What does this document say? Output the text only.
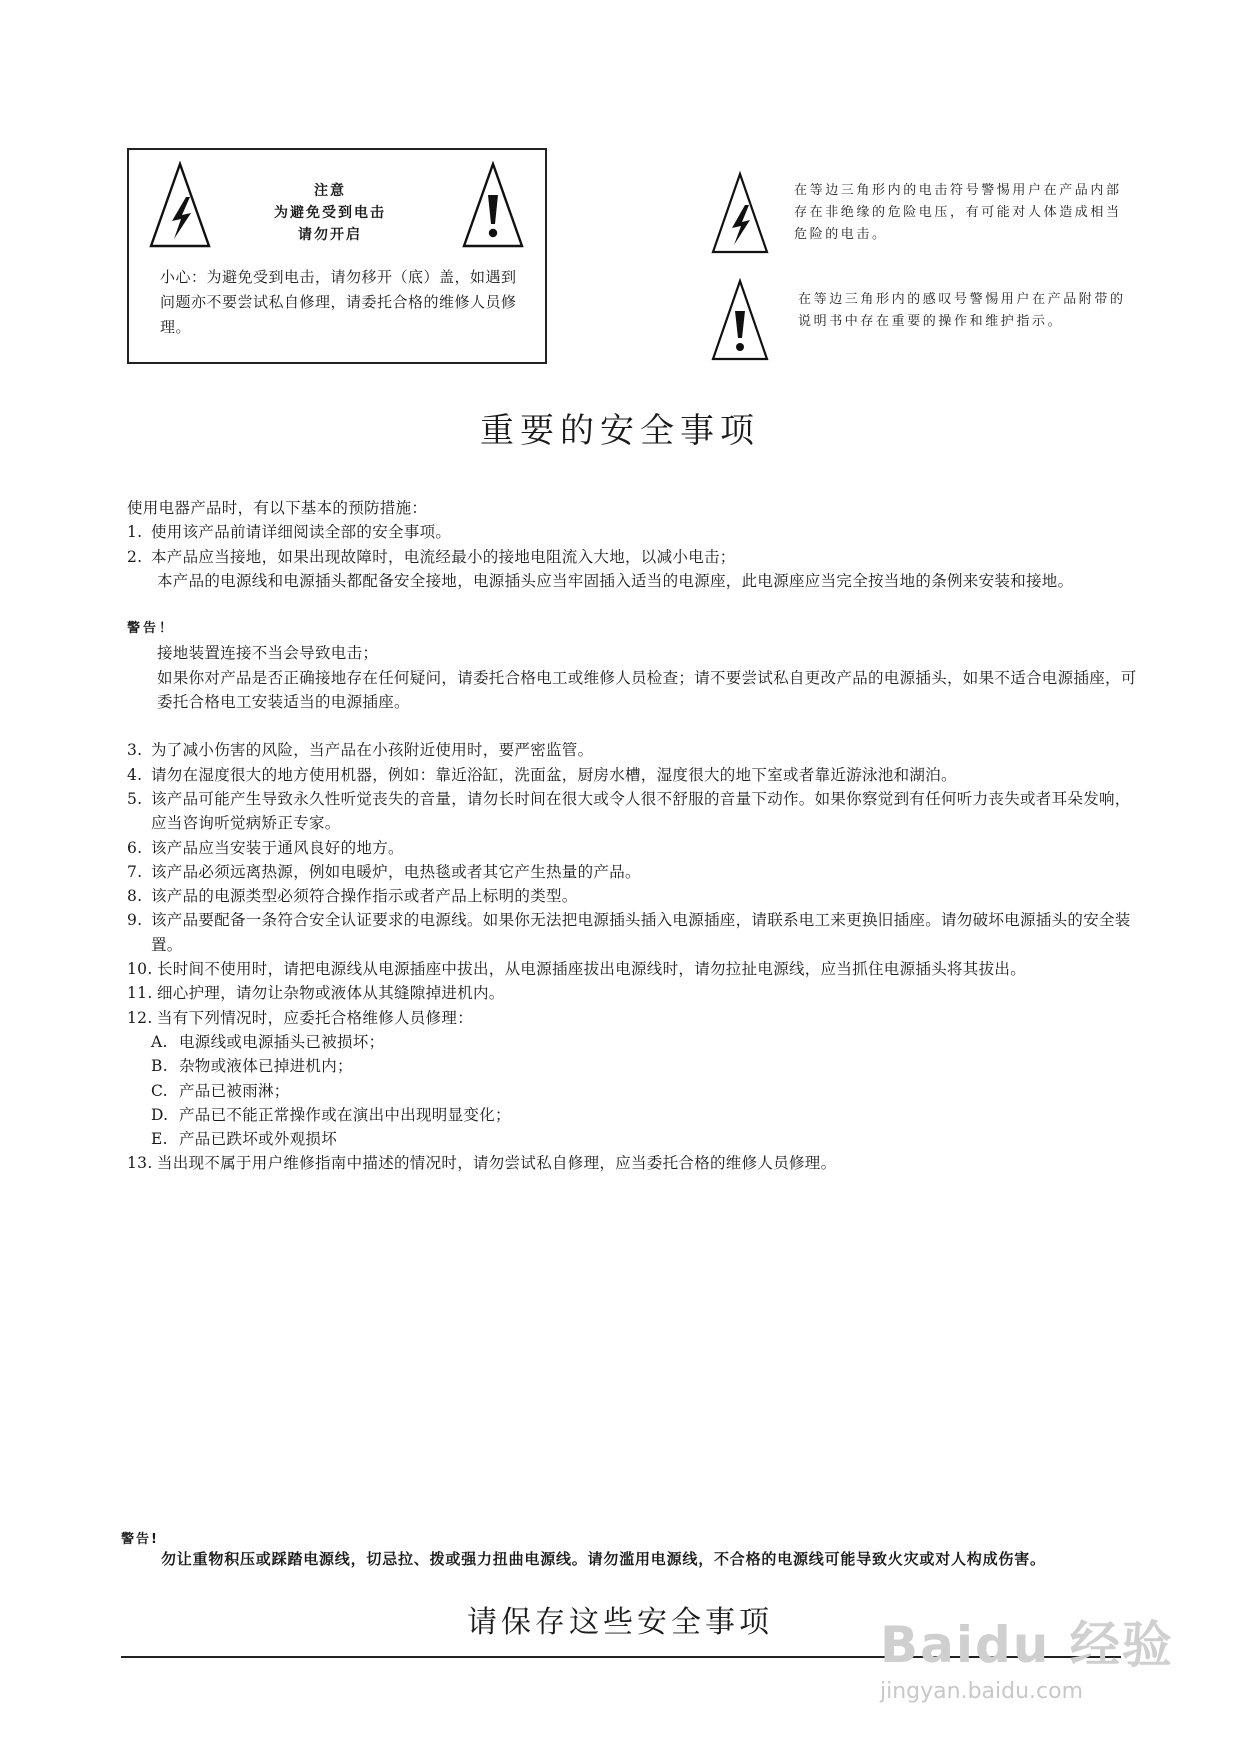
注意
为避免受到电击
请勿开启
小心：为避免受到电击，请勿移开（底）盖，如遇到问题亦不要尝试私自修理，请委托合格的维修人员修理。
在等边三角形内的电击符号警惕用户在产品内部存在非绝缘的危险电压，有可能对人体造成相当危险的电击。
在等边三角形内的感叹号警惕用户在产品附带的说明书中存在重要的操作和维护指示。
重要的安全事项

使用电器产品时，有以下基本的预防措施：

1. 使用该产品前请详细阅读全部的安全事项。
2. 本产品应当接地，如果出现故障时，电流经最小的接地电阻流入大地，以减小电击；

本产品的电源线和电源插头都配备安全接地，电源插头应当牢固插入适当的电源座，此电源座应当完全按当地的条例来安装和接地。

警告！

接地装置连接不当会导致电击；

如果你对产品是否正确接地存在任何疑问，请委托合格电工或维修人员检查；请不要尝试私自更改产品的电源插头，如果不适合电源插座，可委托合格电工安装适当的电源插座。

3. 为了减小伤害的风险，当产品在小孩附近使用时，要严密监管。
4. 请勿在湿度很大的地方使用机器，例如：靠近浴缸，洗面盆，厨房水槽，湿度很大的地下室或者靠近游泳池和湖泊。
5. 该产品可能产生导致永久性听觉丧失的音量，请勿长时间在很大或令人很不舒服的音量下动作。如果你察觉到有任何听力丧失或者耳朵发响，应当咨询听觉病矫正专家。
6. 该产品应当安装于通风良好的地方。
7. 该产品必须远离热源，例如电暖炉，电热毯或者其它产生热量的产品。
8. 该产品的电源类型必须符合操作指示或者产品上标明的类型。
9. 该产品要配备一条符合安全认证要求的电源线。如果你无法把电源插头插入电源插座，请联系电工来更换旧插座。请勿破坏电源插头的安全装置。
10. 长时间不使用时，请把电源线从电源插座中拔出，从电源插座拔出电源线时，请勿拉扯电源线，应当抓住电源插头将其拔出。
11. 细心护理，请勿让杂物或液体从其缝隙掉进机内。
12. 当有下列情况时，应委托合格维修人员修理：
A. 电源线或电源插头已被损坏；
B. 杂物或液体已掉进机内；
C. 产品已被雨淋；
D. 产品已不能正常操作或在演出中出现明显变化；
E. 产品已跌坏或外观损坏
13. 当出现不属于用户维修指南中描述的情况时，请勿尝试私自修理，应当委托合格的维修人员修理。
警告!
勿让重物积压或踩踏电源线，切忌拉、拨或强力扭曲电源线。请勿滥用电源线，不合格的电源线可能导致火灾或对人构成伤害。
请保存这些安全事项	Baidu 经验
jingyan.baidu.com
